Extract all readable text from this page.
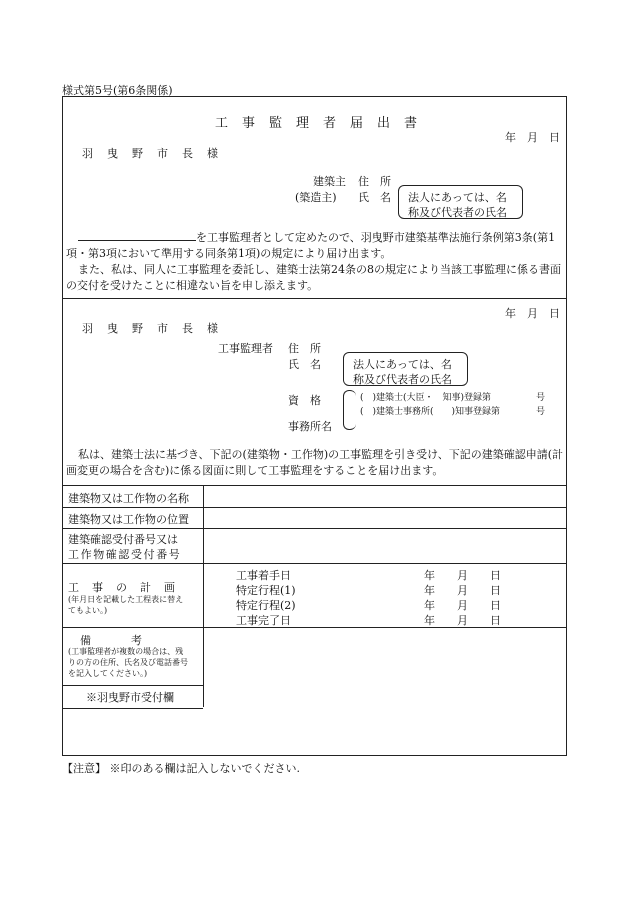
様式第5号(第6条関係)
工事監理者届出書
年　月　日
羽曳野市長様
建築主 住　所
(築造主) 氏　名 法人にあっては、名
称及び代表者の氏名
を工事監理者として定めたので、羽曳野市建築基準法施行条例第3条(第1項・第3項において準用する同条第1項)の規定により届け出ます。
また、私は、同人に工事監理を委託し、建築士法第24条の8の規定により当該工事監理に係る書面の交付を受けたことに相違ない旨を申し添えます。
年　月　日
羽曳野市長様
工事監理者 住　所
氏　名	法人にあっては、名
称及び代表者の氏名
資　格	(　)建築士(大臣・　知事)登録第　　　　　号
(　)建築士事務所(　　)知事登録第　　　　号
事務所名
私は、建築士法に基づき、下記の(建築物・工作物)の工事監理を引き受け、下記の建築確認申請(計画変更の場合を含む)に係る図面に則して工事監理をすることを届け出ます。
建築物又は工作物の名称
建築物又は工作物の位置
建築確認受付番号又は
工作物確認受付番号
工　事　の　計　画
(年月日を記載した工程表に替え
てもよい。)
工事着手日	年　　月　　日
特定行程(1)	年　　月　　日
特定行程(2)	年　　月　　日
工事完了日	年　　月　　日
備　　考
(工事監理者が複数の場合は、残
りの方の住所、氏名及び電話番号
を記入してください。)
※羽曳野市受付欄
【注意】 ※印のある欄は記入しないでください.
